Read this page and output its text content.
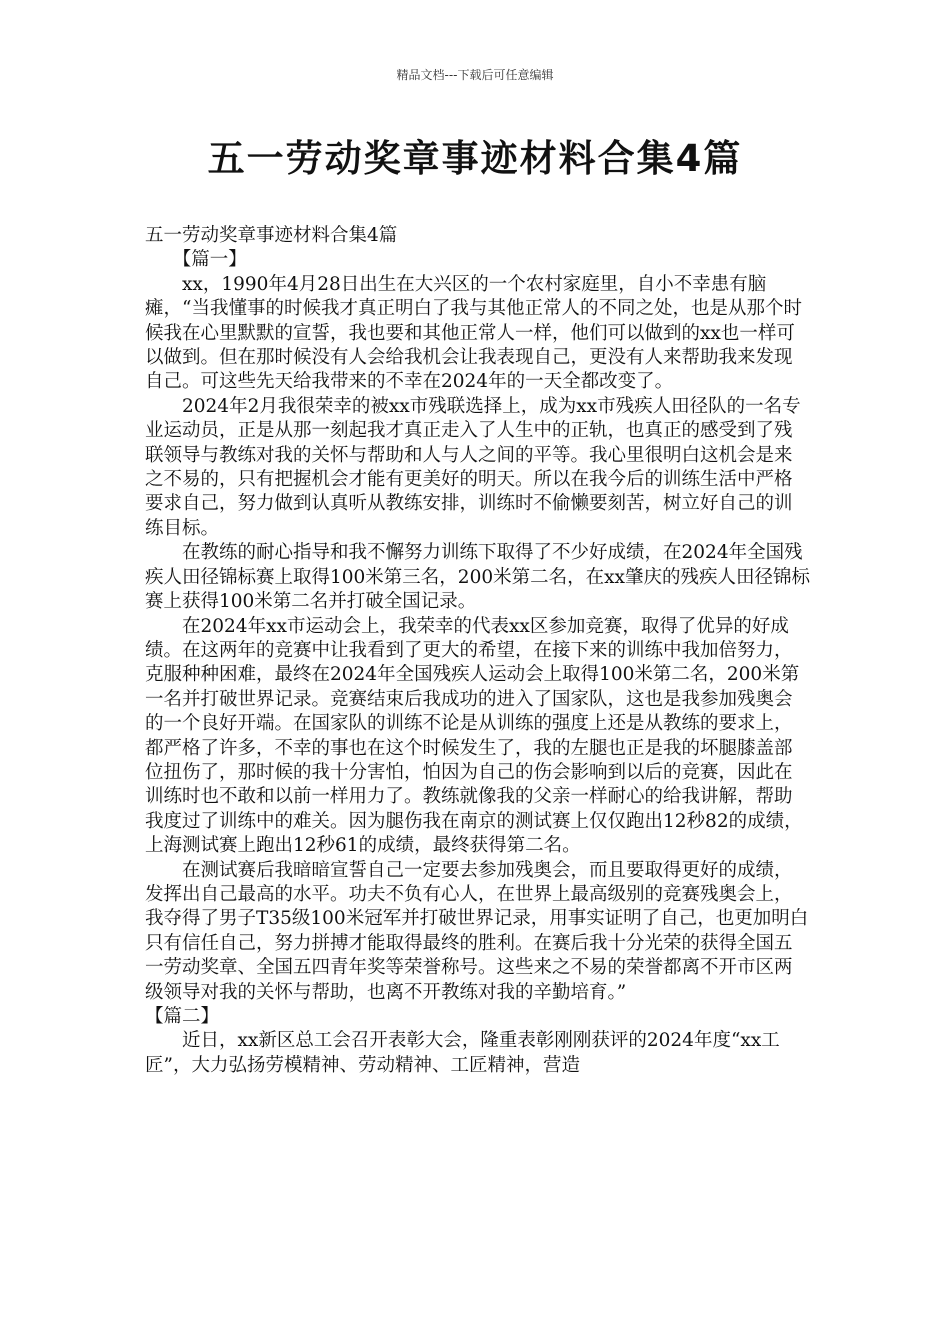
精品文档---下载后可任意编辑
五一劳动奖章事迹材料合集4篇

五一劳动奖章事迹材料合集4篇

【篇一】

xx，1990年4月28日出生在大兴区的一个农村家庭里，自小不幸患有脑瘫，“当我懂事的时候我才真正明白了我与其他正常人的不同之处，也是从那个时候我在心里默默的宣誓，我也要和其他正常人一样，他们可以做到的xx也一样可以做到。但在那时候没有人会给我机会让我表现自己，更没有人来帮助我来发现自己。可这些先天给我带来的不幸在2024年的一天全都改变了。

2024年2月我很荣幸的被xx市残联选择上，成为xx市残疾人田径队的一名专业运动员，正是从那一刻起我才真正走入了人生中的正轨，也真正的感受到了残联领导与教练对我的关怀与帮助和人与人之间的平等。我心里很明白这机会是来之不易的，只有把握机会才能有更美好的明天。所以在我今后的训练生活中严格要求自己，努力做到认真听从教练安排，训练时不偷懒要刻苦，树立好自己的训练目标。

在教练的耐心指导和我不懈努力训练下取得了不少好成绩，在2024年全国残疾人田径锦标赛上取得100米第三名，200米第二名，在xx肇庆的残疾人田径锦标赛上获得100米第二名并打破全国记录。

在2024年xx市运动会上，我荣幸的代表xx区参加竞赛，取得了优异的好成绩。在这两年的竞赛中让我看到了更大的希望，在接下来的训练中我加倍努力，克服种种困难，最终在2024年全国残疾人运动会上取得100米第二名，200米第一名并打破世界记录。竞赛结束后我成功的进入了国家队，这也是我参加残奥会的一个良好开端。在国家队的训练不论是从训练的强度上还是从教练的要求上，都严格了许多，不幸的事也在这个时候发生了，我的左腿也正是我的坏腿膝盖部位扭伤了，那时候的我十分害怕，怕因为自己的伤会影响到以后的竞赛，因此在训练时也不敢和以前一样用力了。教练就像我的父亲一样耐心的给我讲解，帮助我度过了训练中的难关。因为腿伤我在南京的测试赛上仅仅跑出12秒82的成绩，上海测试赛上跑出12秒61的成绩，最终获得第二名。

在测试赛后我暗暗宣誓自己一定要去参加残奥会，而且要取得更好的成绩，发挥出自己最高的水平。功夫不负有心人，在世界上最高级别的竞赛残奥会上，我夺得了男子T35级100米冠军并打破世界记录，用事实证明了自己，也更加明白只有信任自己，努力拼搏才能取得最终的胜利。在赛后我十分光荣的获得全国五一劳动奖章、全国五四青年奖等荣誉称号。这些来之不易的荣誉都离不开市区两级领导对我的关怀与帮助，也离不开教练对我的辛勤培育。”

【篇二】

近日，xx新区总工会召开表彰大会，隆重表彰刚刚获评的2024年度“xx工匠”，大力弘扬劳模精神、劳动精神、工匠精神，营造
